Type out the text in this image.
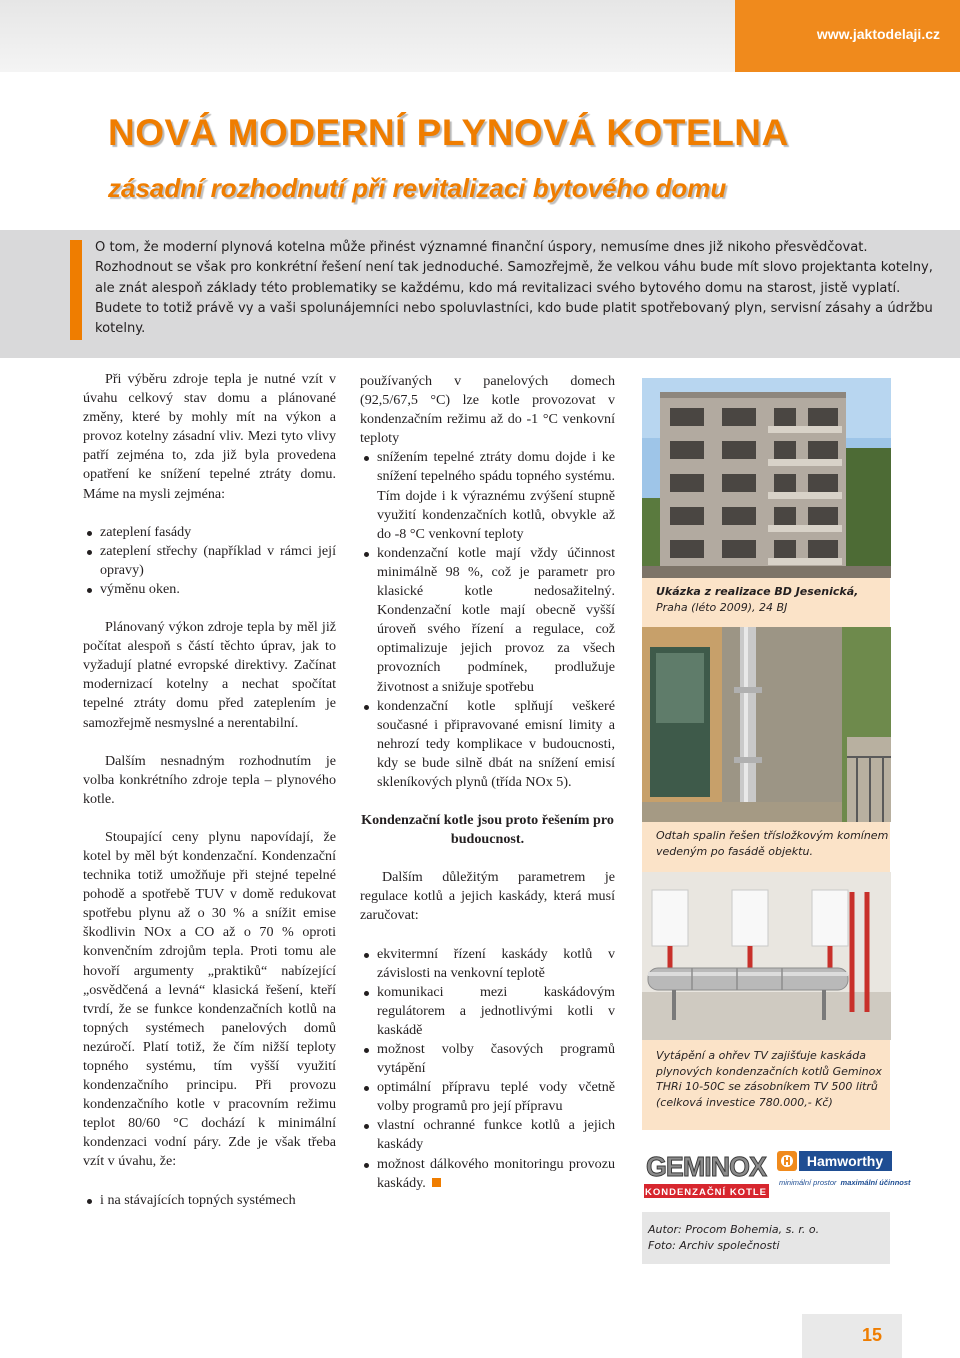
www.jaktodelaji.cz
NOVÁ MODERNÍ PLYNOVÁ KOTELNA
zásadní rozhodnutí při revitalizaci bytového domu

O tom, že moderní plynová kotelna může přinést významné finanční úspory, nemusíme dnes již nikoho přesvědčovat. Rozhodnout se však pro konkrétní řešení není tak jednoduché. Samozřejmě, že velkou váhu bude mít slovo projektanta kotelny, ale znát alespoň základy této problematiky se každému, kdo má revitalizaci svého bytového domu na starost, jistě vyplatí. Budete to totiž právě vy a vaši spolunájemníci nebo spoluvlastníci, kdo bude platit spotřebovaný plyn, servisní zásahy a údržbu kotelny.

Při výběru zdroje tepla je nutné vzít v úvahu celkový stav domu a plánované změny, které by mohly mít na výkon a provoz kotelny zásadní vliv. Mezi tyto vlivy patří zejména to, zda již byla provedena opatření ke snížení tepelné ztráty domu. Máme na mysli zejména:

zateplení fasády
zateplení střechy (například v rámci její opravy)
výměnu oken.

Plánovaný výkon zdroje tepla by měl již počítat alespoň s částí těchto úprav, jak to vyžadují platné evropské direktivy. Začínat modernizací kotelny a nechat spočítat tepelné ztráty domu před zateplením je samozřejmě nesmyslné a nerentabilní.

Dalším nesnadným rozhodnutím je volba konkrétního zdroje tepla – plynového kotle.

Stoupající ceny plynu napovídají, že kotel by měl být kondenzační. Kondenzační technika totiž umožňuje při stejné tepelné pohodě a spotřebě TUV v domě redukovat spotřebu plynu až o 30 % a snížit emise škodlivin NOx a CO až o 70 % oproti konvenčním zdrojům tepla. Proti tomu ale hovoří argumenty „praktiků“ nabízející „osvědčená a levná“ klasická řešení, kteří tvrdí, že se funkce kondenzačních kotlů na topných systémech panelových domů nezúročí. Platí totiž, že čím nižší teploty topného systému, tím vyšší využití kondenzačního principu. Při provozu kondenzačního kotle v pracovním režimu teplot 80/60 °C dochází k minimální kondenzaci vodní páry. Zde je však třeba vzít v úvahu, že:

i na stávajících topných systémech

používaných v panelových domech (92,5/67,5 °C) lze kotle provozovat v kondenzačním režimu až do -1 °C venkovní teploty

snížením tepelné ztráty domu dojde i ke snížení tepelného spádu topného systému. Tím dojde i k výraznému zvýšení stupně využití kondenzačních kotlů, obvykle až do -8 °C venkovní teploty
kondenzační kotle mají vždy účinnost minimálně 98 %, což je parametr pro klasické kotle nedosažitelný. Kondenzační kotle mají obecně vyšší úroveň svého řízení a regulace, což optimalizuje jejich provoz za všech provozních podmínek, prodlužuje životnost a snižuje spotřebu
kondenzační kotle splňují veškeré současné i připravované emisní limity a nehrozí tedy komplikace v budoucnosti, kdy se bude silně dbát na snížení emisí skleníkových plynů (třída NOx 5).

Kondenzační kotle jsou proto řešením pro budoucnost.

Dalším důležitým parametrem je regulace kotlů a jejich kaskády, která musí zaručovat:

ekvitermní řízení kaskády kotlů v závislosti na venkovní teplotě
komunikaci mezi kaskádovým regulátorem a jednotlivými kotli v kaskádě
možnost volby časových programů vytápění
optimální přípravu teplé vody včetně volby programů pro její přípravu
vlastní ochranné funkce kotlů a jejich kaskády
možnost dálkového monitoringu provozu kaskády.
Ukázka z realizace BD Jesenická,
Praha (léto 2009), 24 BJ
Odtah spalin řešen třísložkovým komínem vedeným po fasádě objektu.
Vytápění a ohřev TV zajišťuje kaskáda plynových kondenzačních kotlů Geminox THRi 10-50C se zásobníkem TV 500 litrů (celková investice 780.000,- Kč)
GEMINOX
KONDENZAČNÍ KOTLE
Hamworthy
minimální prostor maximální účinnost
Autor: Procom Bohemia, s. r. o.
Foto: Archiv společnosti
15
